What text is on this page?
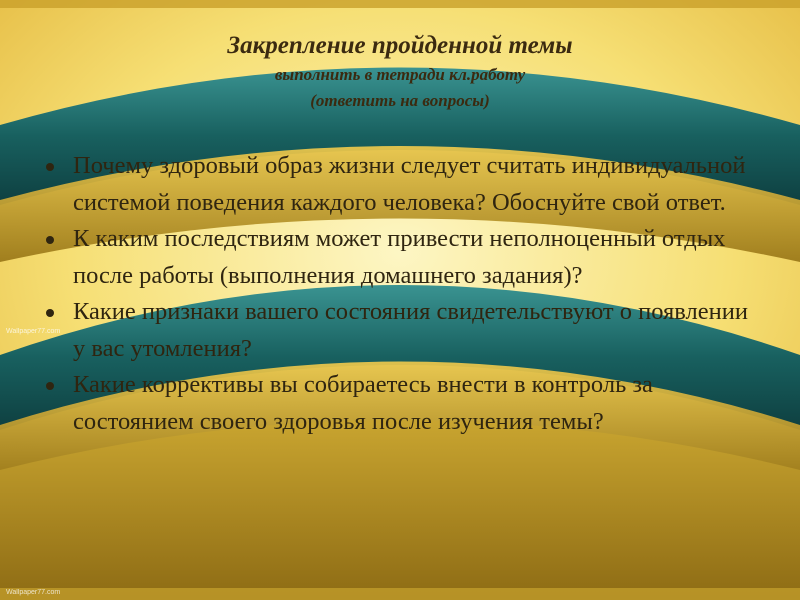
Wallpaper77.com
Wallpaper77.com
Закрепление пройденной темы
выполнить в тетради кл.работу
(ответить на вопросы)
Почему здоровый образ жизни следует считать индивидуальной системой поведения каждого человека? Обоснуйте свой ответ.
К каким последствиям может привести неполноценный отдых после работы (выполнения домашнего задания)?
Какие признаки вашего состояния свидетельствуют о появлении у вас утомления?
Какие коррективы вы собираетесь внести в контроль за состоянием своего здоровья после изучения темы?
